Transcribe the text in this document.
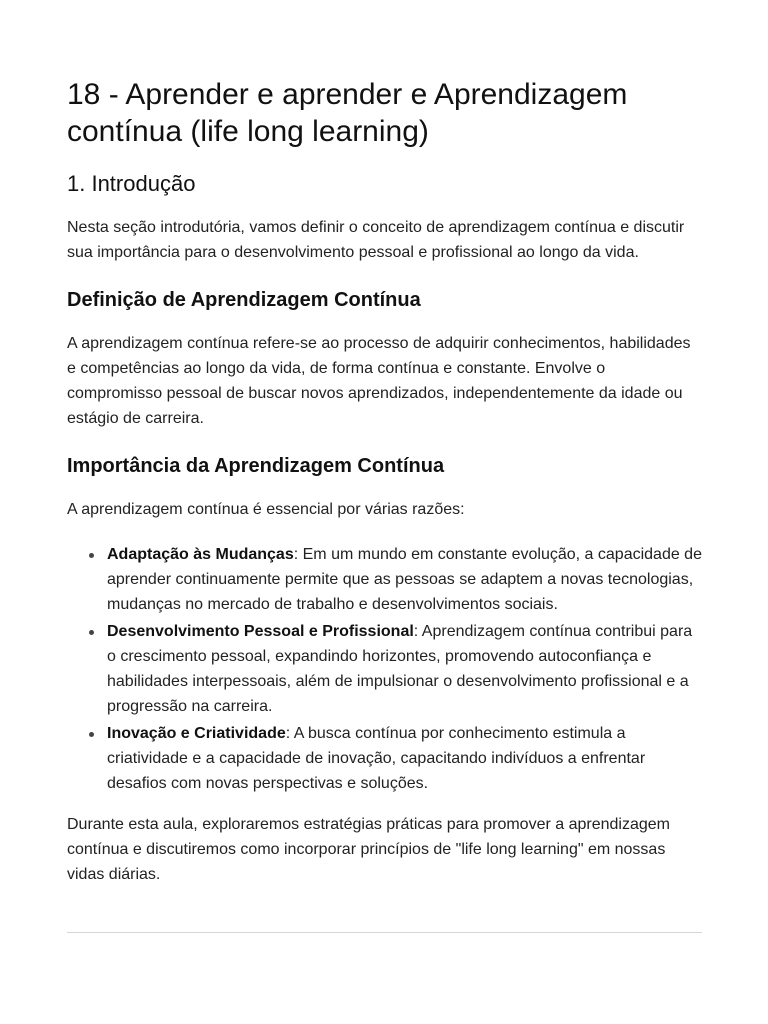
18 - Aprender e aprender e Aprendizagem contínua (life long learning)
1. Introdução

Nesta seção introdutória, vamos definir o conceito de aprendizagem contínua e discutir sua importância para o desenvolvimento pessoal e profissional ao longo da vida.

Definição de Aprendizagem Contínua

A aprendizagem contínua refere-se ao processo de adquirir conhecimentos, habilidades e competências ao longo da vida, de forma contínua e constante. Envolve o compromisso pessoal de buscar novos aprendizados, independentemente da idade ou estágio de carreira.

Importância da Aprendizagem Contínua

A aprendizagem contínua é essencial por várias razões:

Adaptação às Mudanças: Em um mundo em constante evolução, a capacidade de aprender continuamente permite que as pessoas se adaptem a novas tecnologias, mudanças no mercado de trabalho e desenvolvimentos sociais.
Desenvolvimento Pessoal e Profissional: Aprendizagem contínua contribui para o crescimento pessoal, expandindo horizontes, promovendo autoconfiança e habilidades interpessoais, além de impulsionar o desenvolvimento profissional e a progressão na carreira.
Inovação e Criatividade: A busca contínua por conhecimento estimula a criatividade e a capacidade de inovação, capacitando indivíduos a enfrentar desafios com novas perspectivas e soluções.

Durante esta aula, exploraremos estratégias práticas para promover a aprendizagem contínua e discutiremos como incorporar princípios de "life long learning" em nossas vidas diárias.
